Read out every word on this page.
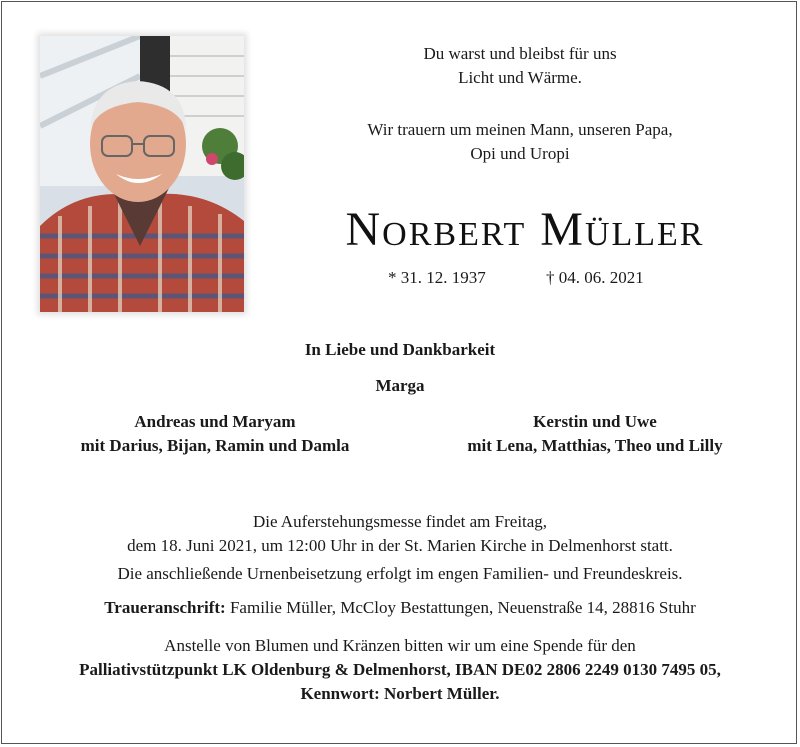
Du warst und bleibst für uns
Licht und Wärme.
Wir trauern um meinen Mann, unseren Papa,
Opi und Uropi
Norbert Müller
* 31. 12. 1937	† 04. 06. 2021
In Liebe und Dankbarkeit
Marga
Andreas und Maryam
mit Darius, Bijan, Ramin und Damla
Kerstin und Uwe
mit Lena, Matthias, Theo und Lilly
Die Auferstehungsmesse findet am Freitag,
dem 18. Juni 2021, um 12:00 Uhr in der St. Marien Kirche in Delmenhorst statt.
Die anschließende Urnenbeisetzung erfolgt im engen Familien- und Freundeskreis.
Traueranschrift: Familie Müller, McCloy Bestattungen, Neuenstraße 14, 28816 Stuhr
Anstelle von Blumen und Kränzen bitten wir um eine Spende für den
Palliativstützpunkt LK Oldenburg & Delmenhorst, IBAN DE02 2806 2249 0130 7495 05,
Kennwort: Norbert Müller.
